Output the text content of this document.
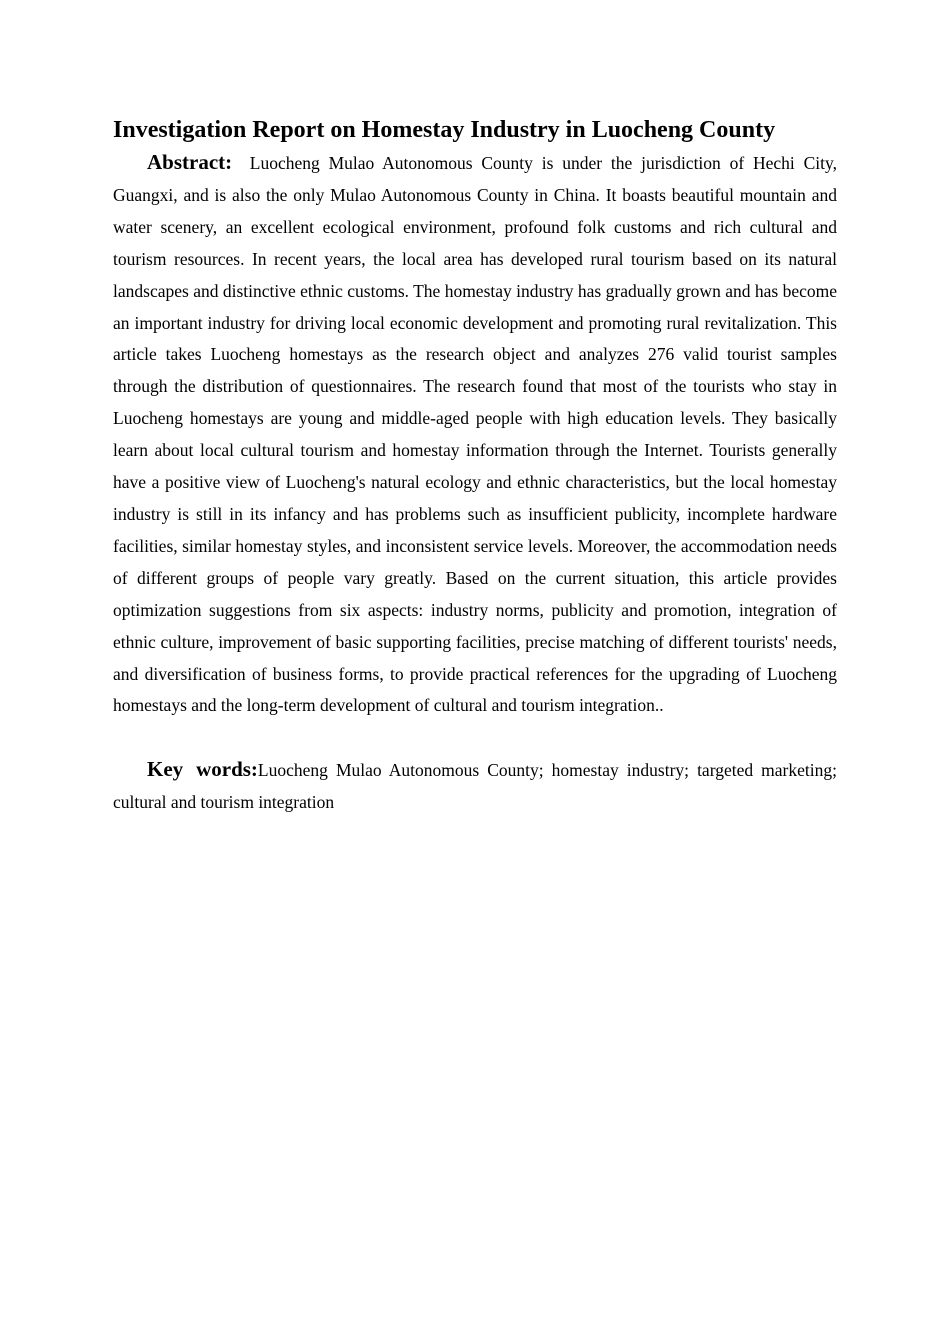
Investigation Report on Homestay Industry in Luocheng County

Abstract: Luocheng Mulao Autonomous County is under the jurisdiction of Hechi City, Guangxi, and is also the only Mulao Autonomous County in China. It boasts beautiful mountain and water scenery, an excellent ecological environment, profound folk customs and rich cultural and tourism resources. In recent years, the local area has developed rural tourism based on its natural landscapes and distinctive ethnic customs. The homestay industry has gradually grown and has become an important industry for driving local economic development and promoting rural revitalization. This article takes Luocheng homestays as the research object and analyzes 276 valid tourist samples through the distribution of questionnaires. The research found that most of the tourists who stay in Luocheng homestays are young and middle-aged people with high education levels. They basically learn about local cultural tourism and homestay information through the Internet. Tourists generally have a positive view of Luocheng's natural ecology and ethnic characteristics, but the local homestay industry is still in its infancy and has problems such as insufficient publicity, incomplete hardware facilities, similar homestay styles, and inconsistent service levels. Moreover, the accommodation needs of different groups of people vary greatly. Based on the current situation, this article provides optimization suggestions from six aspects: industry norms, publicity and promotion, integration of ethnic culture, improvement of basic supporting facilities, precise matching of different tourists' needs, and diversification of business forms, to provide practical references for the upgrading of Luocheng homestays and the long-term development of cultural and tourism integration..

Key words:Luocheng Mulao Autonomous County; homestay industry; targeted marketing; cultural and tourism integration
